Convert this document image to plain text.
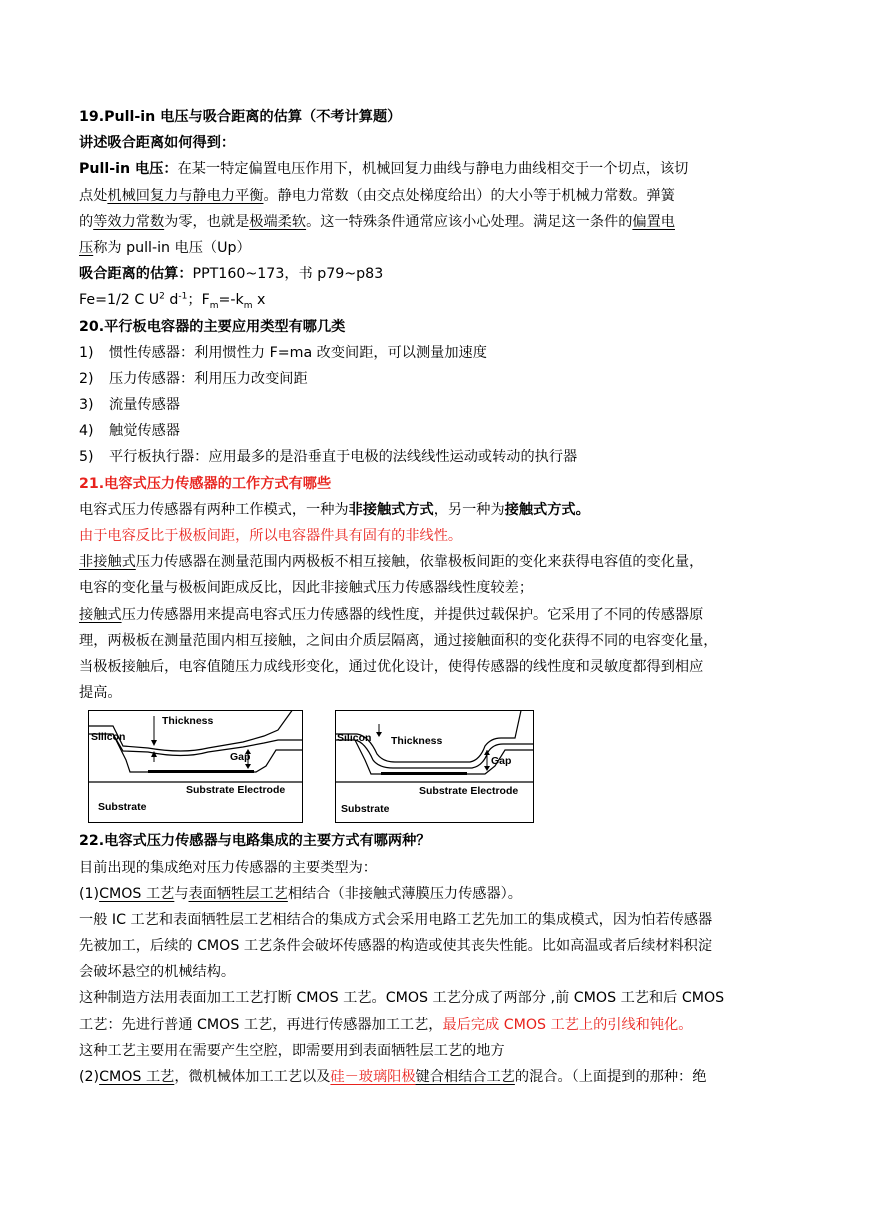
19.Pull-in 电压与吸合距离的估算（不考计算题）
讲述吸合距离如何得到：
Pull-in 电压：在某一特定偏置电压作用下，机械回复力曲线与静电力曲线相交于一个切点，该切
点处机械回复力与静电力平衡。静电力常数（由交点处梯度给出）的大小等于机械力常数。弹簧
的等效力常数为零，也就是极端柔软。这一特殊条件通常应该小心处理。满足这一条件的偏置电
压称为 pull-in 电压（Up）
吸合距离的估算：PPT160~173，书 p79~p83
Fe=1/2 C $U^2$ $d^{-1}$；$F_m=-k_m$ x
20.平行板电容器的主要应用类型有哪几类
1) 惯性传感器：利用惯性力 F=ma 改变间距，可以测量加速度
2) 压力传感器：利用压力改变间距
3) 流量传感器
4) 触觉传感器
5) 平行板执行器：应用最多的是沿垂直于电极的法线线性运动或转动的执行器
21.电容式压力传感器的工作方式有哪些
电容式压力传感器有两种工作模式，一种为非接触式方式，另一种为接触式方式。
由于电容反比于极板间距，所以电容器件具有固有的非线性。
非接触式压力传感器在测量范围内两极板不相互接触，依靠极板间距的变化来获得电容值的变化量，
电容的变化量与极板间距成反比，因此非接触式压力传感器线性度较差；
接触式压力传感器用来提高电容式压力传感器的线性度，并提供过载保护。它采用了不同的传感器原
理，两极板在测量范围内相互接触，之间由介质层隔离，通过接触面积的变化获得不同的电容变化量，
当极板接触后，电容值随压力成线形变化，通过优化设计，使得传感器的线性度和灵敏度都得到相应
提高。
Silicon
Thickness
Gap
Substrate Electrode
Substrate
Silicon Thickness
Gap
Substrate Electrode
Substrate
22.电容式压力传感器与电路集成的主要方式有哪两种？
目前出现的集成绝对压力传感器的主要类型为：
(1)CMOS 工艺与表面牺牲层工艺相结合（非接触式薄膜压力传感器）。
一般 IC 工艺和表面牺牲层工艺相结合的集成方式会采用电路工艺先加工的集成模式，因为怕若传感器
先被加工，后续的 CMOS 工艺条件会破坏传感器的构造或使其丧失性能。比如高温或者后续材料积淀
会破坏悬空的机械结构。
这种制造方法用表面加工工艺打断 CMOS 工艺。CMOS 工艺分成了两部分 ,前 CMOS 工艺和后 CMOS
工艺：先进行普通 CMOS 工艺，再进行传感器加工工艺，最后完成 CMOS 工艺上的引线和钝化。
这种工艺主要用在需要产生空腔，即需要用到表面牺牲层工艺的地方
(2)CMOS 工艺，微机械体加工工艺以及硅－玻璃阳极键合相结合工艺的混合。（上面提到的那种：绝
